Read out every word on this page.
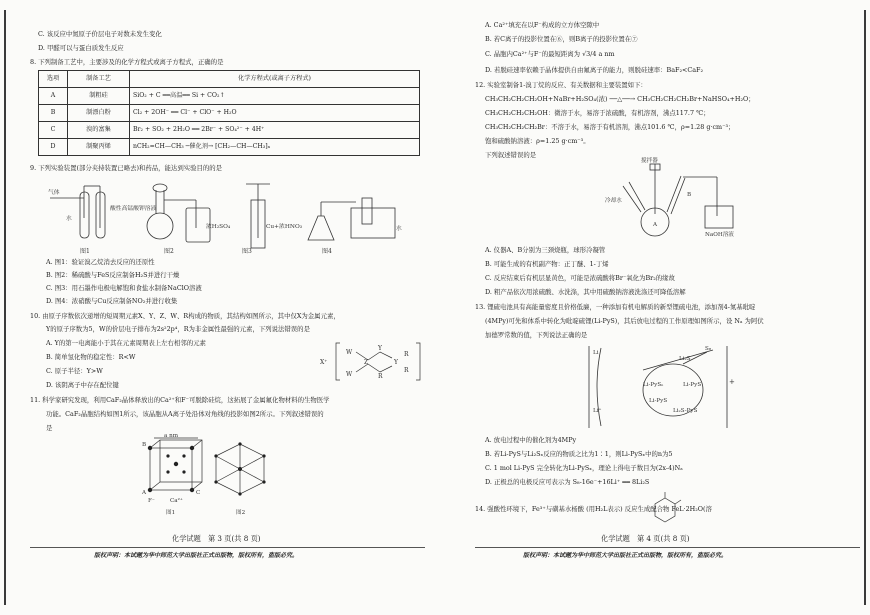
C. 该反应中氮原子价层电子对数未发生变化
D. 甲醛可以与蛋白质发生反应
8. 下列制备工艺中，主要涉及的化学方程式或离子方程式，正确的是
选项	制备工艺	化学方程式(或离子方程式)
A	制粗硅	SiO₂ + C ══高温══ Si + CO₂↑
B	制漂白粉	Cl₂ + 2OH⁻ ══ Cl⁻ + ClO⁻ + H₂O
C	溴的富集	Br₂ + SO₂ + 2H₂O ══ 2Br⁻ + SO₄²⁻ + 4H⁺
D	制聚丙烯	nCH₂=CH—CH₃ ─催化剂→ [CH₂—CH—CH₃]ₙ
9. 下列实验装置(部分夹持装置已略去)和药品，能达到实验目的的是
气体
水
酸性高锰酸钾溶液
浓H₂SO₄	Cu+浓HNO₃	水
图1	图2	图3	图4
A. 图1：验证溴乙烷消去反应的还原性
B. 图2：稀硫酸与FeS反应制备H₂S并进行干燥
C. 图3：用石墨作电极电解饱和食盐水制备NaClO溶液
D. 图4：浓硝酸与Cu反应制备NO₂并进行收集
10. 由原子序数依次递增的短周期元素X、Y、Z、W、R构成的物质，其结构如图所示，其中仅X为金属元素，
Y的原子序数为5，W的价层电子排布为2s²2p⁴，R为非金属性最强的元素，下列说法错误的是
A. Y的第一电离能小于其在元素周期表上左右相邻的元素
B. 简单氢化物的稳定性：R<W
C. 原子半径：Y>W
D. 该阴离子中存在配位键
X⁺
W
W
Z
Y
R
Y
R
R
11. 科学家研究发现，利用CaF₂晶体释放出的Ca²⁺和F⁻可脱除硅烷，这拓展了金属氟化物材料的生物医学
功能。CaF₂晶胞结构如图1所示，该晶胞从A离子处沿体对角线的投影如图2所示。下列叙述错误的
是
a nm
B
A	C
F⁻	Ca²⁺
图1	图2
化学试题　第 3 页(共 8 页)
版权声明：本试题为华中师范大学出版社正式出版物，版权所有，盗版必究。
A. Ca²⁺填充在以F⁻构成的立方体空隙中
B. 若C离子的投影位置在⑥，则B离子的投影位置在⑦
C. 晶胞内Ca²⁺与F⁻的最短距离为 √3/4 a nm
D. 若脱硅速率依赖于晶体提供自由氟离子的能力，则脱硅速率：BaF₂<CaF₂
12. 实验室制备1-溴丁烷的反应、有关数据和主要装置如下：
CH₃CH₂CH₂CH₂OH+NaBr+H₂SO₄(浓) ──△──→ CH₃CH₂CH₂CH₂Br+NaHSO₄+H₂O；
CH₃CH₂CH₂CH₂OH：微溶于水，易溶于浓硫酸，有机溶剂，沸点117.7 ℃；
CH₃CH₂CH₂CH₂Br：不溶于水，易溶于有机溶剂，沸点101.6 ℃，ρ=1.28 g·cm⁻³；
饱和硫酸钠溶液：ρ=1.25 g·cm⁻³。
下列叙述错误的是
搅拌器
冷却水
A
B
NaOH溶液
A. 仪器A、B分别为三颈烧瓶，球形冷凝管
B. 可能生成的有机副产物：正丁醚、1-丁烯
C. 反应结束后有机层显黄色，可能是浓硫酸将Br⁻氧化为Br₂的缘故
D. 粗产品依次用浓硫酸、水洗涤，其中用硫酸钠溶液洗涤还可降低溶解
13. 锂硫电池具有高能量密度且价格低廉，一种添加有机电解质的新型锂硫电池，添加剂4-氮基吡啶
(4MPy)可先和体系中转化为吡啶硫锂(Li-PyS)，其后放电过程的工作原理如图所示，设 Nₐ 为阿伏
加德罗常数的值，下列说法正确的是
Li
Li⁺
Li₂S
S₈
Li-PySₙ	Li-PyS
Li-PyS
Li₂S-PyS
+
A. 放电过程中的催化剂为4MPy
B. 若Li-PyS与Li₂Sₓ反应的物质之比为1∶1，则Li-PySₓ中的n为5
C. 1 mol Li-PyS 完全转化为Li-PySₓ，理论上得电子数目为(2x-4)Nₐ
D. 正极总的电极反应可表示为 S₈-16e⁻+16Li⁺ ══ 8Li₂S
14. 强酸性环境下，Fe³⁺与磺基水杨酸 (用H₂L表示) 反应生成配合物 FeL·2H₂O(溶
化学试题　第 4 页(共 8 页)
版权声明：本试题为华中师范大学出版社正式出版物，版权所有，盗版必究。
